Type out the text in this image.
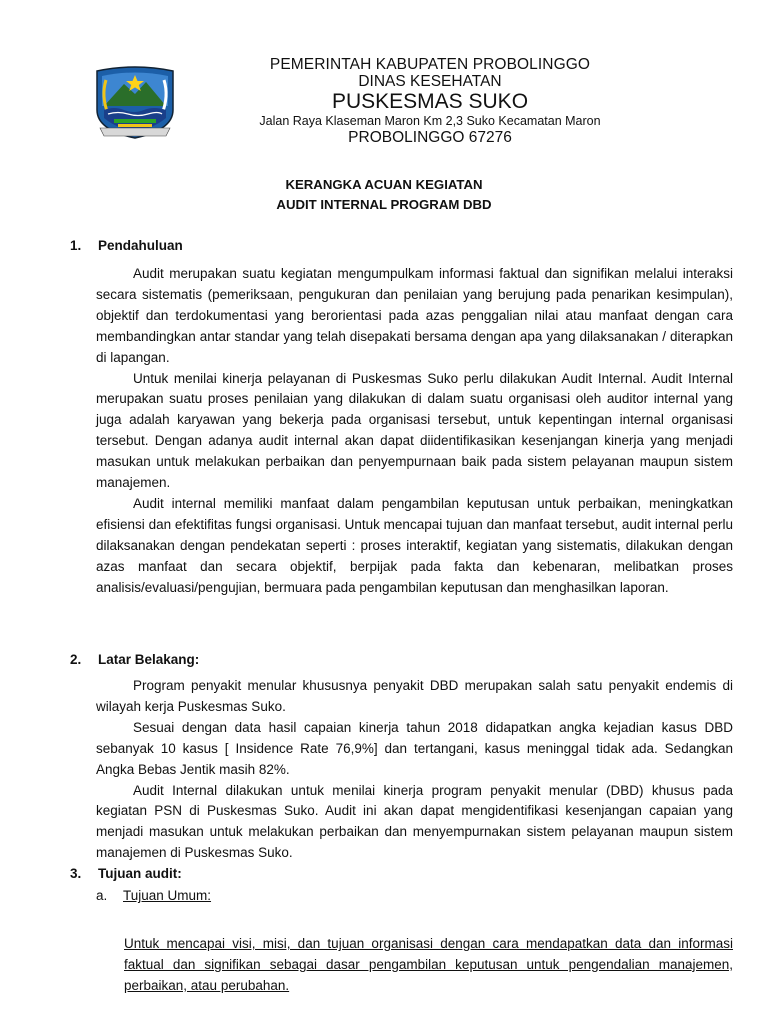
PEMERINTAH KABUPATEN PROBOLINGGO
DINAS KESEHATAN
PUSKESMAS SUKO
Jalan Raya Klaseman Maron Km 2,3 Suko Kecamatan Maron
PROBOLINGGO 67276
KERANGKA ACUAN KEGIATAN
AUDIT INTERNAL PROGRAM DBD
1. Pendahuluan

Audit merupakan suatu kegiatan mengumpulkam informasi faktual dan signifikan melalui interaksi secara sistematis (pemeriksaan, pengukuran dan penilaian yang berujung pada penarikan kesimpulan), objektif dan terdokumentasi yang berorientasi pada azas penggalian nilai atau manfaat dengan cara membandingkan antar standar yang telah disepakati bersama dengan apa yang dilaksanakan / diterapkan di lapangan.

Untuk menilai kinerja pelayanan di Puskesmas Suko perlu dilakukan Audit Internal. Audit Internal merupakan suatu proses penilaian yang dilakukan di dalam suatu organisasi oleh auditor internal yang juga adalah karyawan yang bekerja pada organisasi tersebut, untuk kepentingan internal organisasi tersebut. Dengan adanya audit internal akan dapat diidentifikasikan kesenjangan kinerja yang menjadi masukan untuk melakukan perbaikan dan penyempurnaan baik pada sistem pelayanan maupun sistem manajemen.

Audit internal memiliki manfaat dalam pengambilan keputusan untuk perbaikan, meningkatkan efisiensi dan efektifitas fungsi organisasi. Untuk mencapai tujuan dan manfaat tersebut, audit internal perlu dilaksanakan dengan pendekatan seperti : proses interaktif, kegiatan yang sistematis, dilakukan dengan azas manfaat dan secara objektif, berpijak pada fakta dan kebenaran, melibatkan proses analisis/evaluasi/pengujian, bermuara pada pengambilan keputusan dan menghasilkan laporan.

2. Latar Belakang:

Program penyakit menular khususnya penyakit DBD merupakan salah satu penyakit endemis di wilayah kerja Puskesmas Suko.

Sesuai dengan data hasil capaian kinerja tahun 2018 didapatkan angka kejadian kasus DBD sebanyak 10 kasus [ Insidence Rate 76,9%] dan tertangani, kasus meninggal tidak ada. Sedangkan Angka Bebas Jentik masih 82%.

Audit Internal dilakukan untuk menilai kinerja program penyakit menular (DBD) khusus pada kegiatan PSN di Puskesmas Suko. Audit ini akan dapat mengidentifikasi kesenjangan capaian yang menjadi masukan untuk melakukan perbaikan dan menyempurnakan sistem pelayanan maupun sistem manajemen di Puskesmas Suko.

3. Tujuan audit:
a. Tujuan Umum:
Untuk mencapai visi, misi, dan tujuan organisasi dengan cara mendapatkan data dan informasi faktual dan signifikan sebagai dasar pengambilan keputusan untuk pengendalian manajemen, perbaikan, atau perubahan.
